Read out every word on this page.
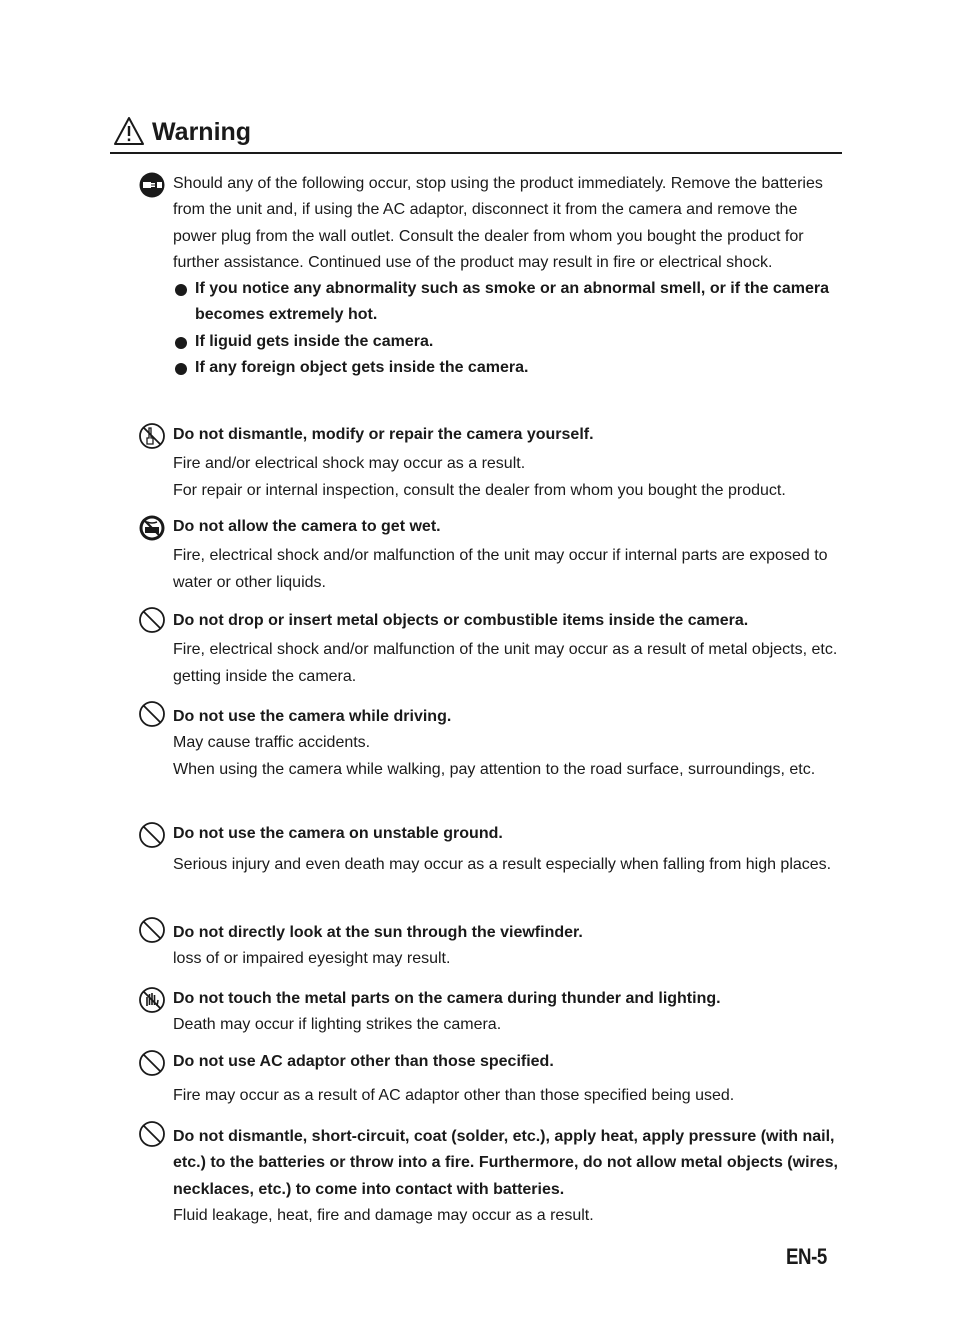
Warning
Should any of the following occur, stop using the product immediately. Remove the batteries from the unit and, if using the AC adaptor, disconnect it from the camera and remove the power plug from the wall outlet. Consult the dealer from whom you bought the product for further assistance. Continued use of the product may result in fire or electrical shock.
If you notice any abnormality such as smoke or an abnormal smell, or if the camera becomes extremely hot.
If liguid gets inside the camera.
If any foreign object gets inside the camera.
Do not dismantle, modify or repair the camera yourself.
Fire and/or electrical shock may occur as a result.
For repair or internal inspection, consult the dealer from whom you bought the product.
Do not allow the camera to get wet.
Fire, electrical shock and/or malfunction of the unit may occur if internal parts are exposed to water or other liquids.
Do not drop or insert metal objects or combustible items inside the camera.
Fire, electrical shock and/or malfunction of the unit may occur as a result of metal objects, etc. getting inside the camera.
Do not use the camera while driving.
May cause traffic accidents.
When using the camera while walking, pay attention to the road surface, surroundings, etc.
Do not use the camera on unstable ground.
Serious injury and even death may occur as a result especially when falling from high places.
Do not directly look at the sun through the viewfinder.
loss of or impaired eyesight may result.
Do not touch the metal parts on the camera during thunder and lighting.
Death may occur if lighting strikes the camera.
Do not use AC adaptor other than those specified.
Fire may occur as a result of AC adaptor other than those specified being used.
Do not dismantle, short-circuit, coat (solder, etc.), apply heat, apply pressure (with nail, etc.) to the batteries or throw into a fire. Furthermore, do not allow metal objects (wires, necklaces, etc.) to come into contact with batteries.
Fluid leakage, heat, fire and damage may occur as a result.
EN-5
